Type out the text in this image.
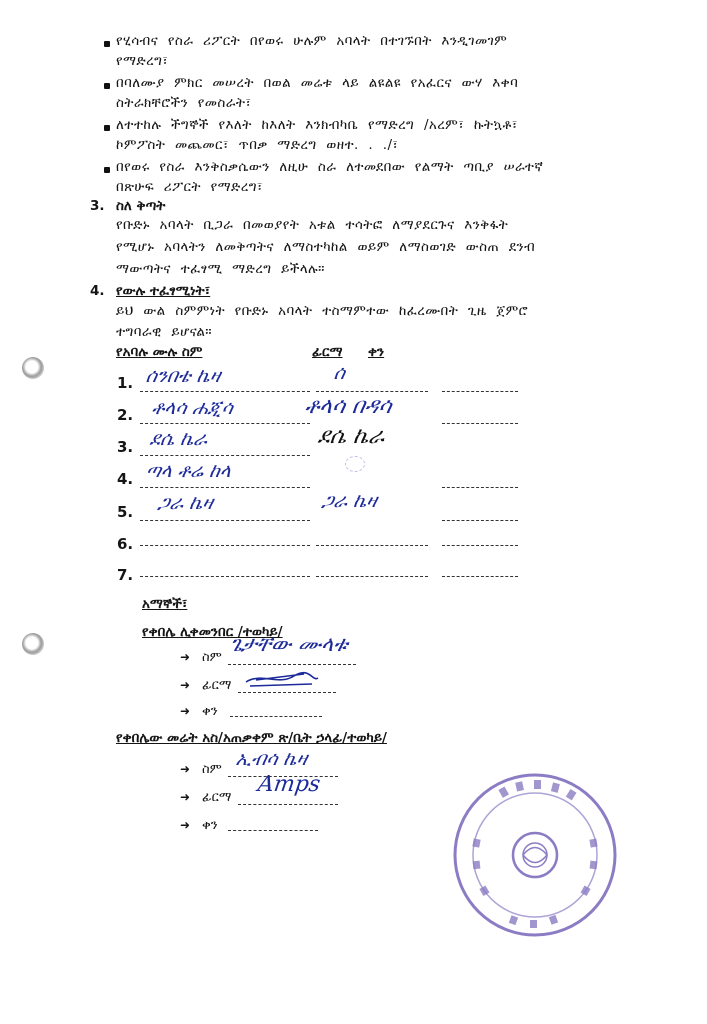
የሂሳብና የስራ ሪፖርት በየወሩ ሁሉም አባላት በተገኙበት እንዲገመገም
የማድረግ፣
በባለሙያ ምክር መሠረት በወል መሬቱ ላይ ልዩልዩ የአፈርና ውሃ እቀባ
ስትራክቸሮችን የመስራት፣
ለተተከሉ ችግኞች የእለት ከእለት እንክብካቤ የማድረግ /አረም፣ ኩትኳቶ፣
ኮምፖስት መጨመር፣ ጥበቃ ማድረግ ወዘተ. . ./፣
በየወሩ የስራ እንቅስቃሴውን ለዚሁ ስራ ለተመደበው የልማት ጣቢያ ሠራተኛ
በጽሁፍ ሪፖርት የማድረግ፣
3. ስለ ቅጣት
የቡድኑ አባላት ቢጋራ በመወያየት አቱል ተሳትፎ ለማያደርጉና እንቅፋት
የሚሆኑ አባላትን ለመቅጣትና ለማስተካከል ወይም ለማስወገድ ውስጠ ደንብ
ማውጣትና ተፈፃሚ ማድረግ ይችላሉ።
4. የውሉ ተፈፃሚነት፣
ይህ ውል ስምምነት የቡድኑ አባላት ተስማምተው ከፈረሙበት ጊዜ ጀምሮ
ተግባራዊ ይሆናል።
የአባሉ ሙሉ ስም	ፊርማ ቀን
1. ሰንበቴ ኬዛ	ሰ
2. ቶላሳ ሐጂሳ	ቶላሳ በዳሳ
3. ደሴ ኬራ	ደሴ ኬራ
4. ጣላ ቶሬ ከላ
5. ጋራ ኬዛ	ጋራ ኬዛ
6.
7.
አማኞች፣
የቀበሌ ሊቀመንበር /ተወካይ/
➜ ስም
ጌታቸው ሙላቱ
➜ ፊርማ
➜ ቀን
የቀበሌው መሬት አስ/አጠቃቀም ጽ/ቤት ኃላፊ/ተወካይ/
➜ ስም ኢብሳ ኬዛ
➜ ፊርማ
Amps
➜ ቀን
